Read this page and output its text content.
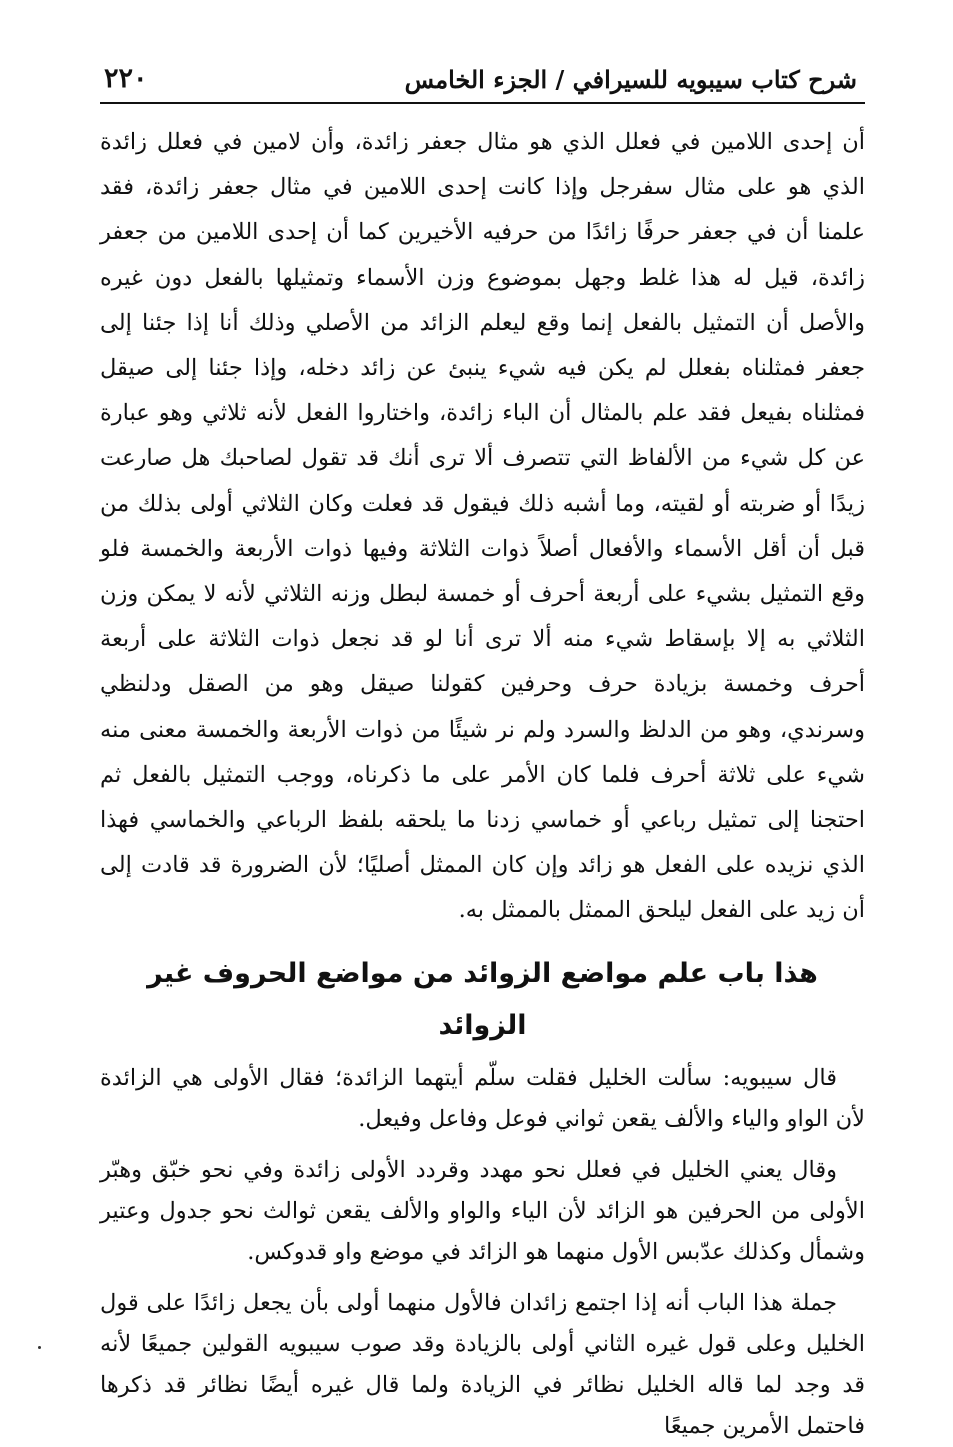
شرح كتاب سيبويه للسيرافي / الجزء الخامس
٢٢٠

أن إحدى اللامين في فعلل الذي هو مثال جعفر زائدة، وأن لامين في فعلل زائدة الذي هو على مثال سفرجل وإذا كانت إحدى اللامين في مثال جعفر زائدة، فقد علمنا أن في جعفر حرفًا زائدًا من حرفيه الأخيرين كما أن إحدى اللامين من جعفر زائدة، قيل له هذا غلط وجهل بموضوع وزن الأسماء وتمثيلها بالفعل دون غيره والأصل أن التمثيل بالفعل إنما وقع ليعلم الزائد من الأصلي وذلك أنا إذا جئنا إلى جعفر فمثلناه بفعلل لم يكن فيه شيء ينبئ عن زائد دخله، وإذا جئنا إلى صيقل فمثلناه بفيعل فقد علم بالمثال أن الباء زائدة، واختاروا الفعل لأنه ثلاثي وهو عبارة عن كل شيء من الألفاظ التي تتصرف ألا ترى أنك قد تقول لصاحبك هل صارعت زيدًا أو ضربته أو لقيته، وما أشبه ذلك فيقول قد فعلت وكان الثلاثي أولى بذلك من قبل أن أقل الأسماء والأفعال أصلاً ذوات الثلاثة وفيها ذوات الأربعة والخمسة فلو وقع التمثيل بشيء على أربعة أحرف أو خمسة لبطل وزنه الثلاثي لأنه لا يمكن وزن الثلاثي به إلا بإسقاط شيء منه ألا ترى أنا لو قد نجعل ذوات الثلاثة على أربعة أحرف وخمسة بزيادة حرف وحرفين كقولنا صيقل وهو من الصقل ودلنظي وسرندي، وهو من الدلظ والسرد ولم نر شيئًا من ذوات الأربعة والخمسة معنى منه شيء على ثلاثة أحرف فلما كان الأمر على ما ذكرناه، ووجب التمثيل بالفعل ثم احتجنا إلى تمثيل رباعي أو خماسي زدنا ما يلحقه بلفظ الرباعي والخماسي فهذا الذي نزيده على الفعل هو زائد وإن كان الممثل أصليًا؛ لأن الضرورة قد قادت إلى أن زيد على الفعل ليلحق الممثل بالممثل به.

هذا باب علم مواضع الزوائد من مواضع الحروف غير الزوائد

قال سيبويه: سألت الخليل فقلت سلّم أيتهما الزائدة؛ فقال الأولى هي الزائدة لأن الواو والياء والألف يقعن ثواني فوعل وفاعل وفيعل.

وقال يعني الخليل في فعلل نحو مهدد وقردد الأولى زائدة وفي نحو خبّق وهبّر الأولى من الحرفين هو الزائد لأن الياء والواو والألف يقعن ثوالث نحو جدول وعتير وشمأل وكذلك عدّبس الأول منهما هو الزائد في موضع واو قدوكس.

جملة هذا الباب أنه إذا اجتمع زائدان فالأول منهما أولى بأن يجعل زائدًا على قول الخليل وعلى قول غيره الثاني أولى بالزيادة وقد صوب سيبويه القولين جميعًا لأنه قد وجد لما قاله الخليل نظائر في الزيادة ولما قال غيره أيضًا نظائر قد ذكرها فاحتمل الأمرين جميعًا
